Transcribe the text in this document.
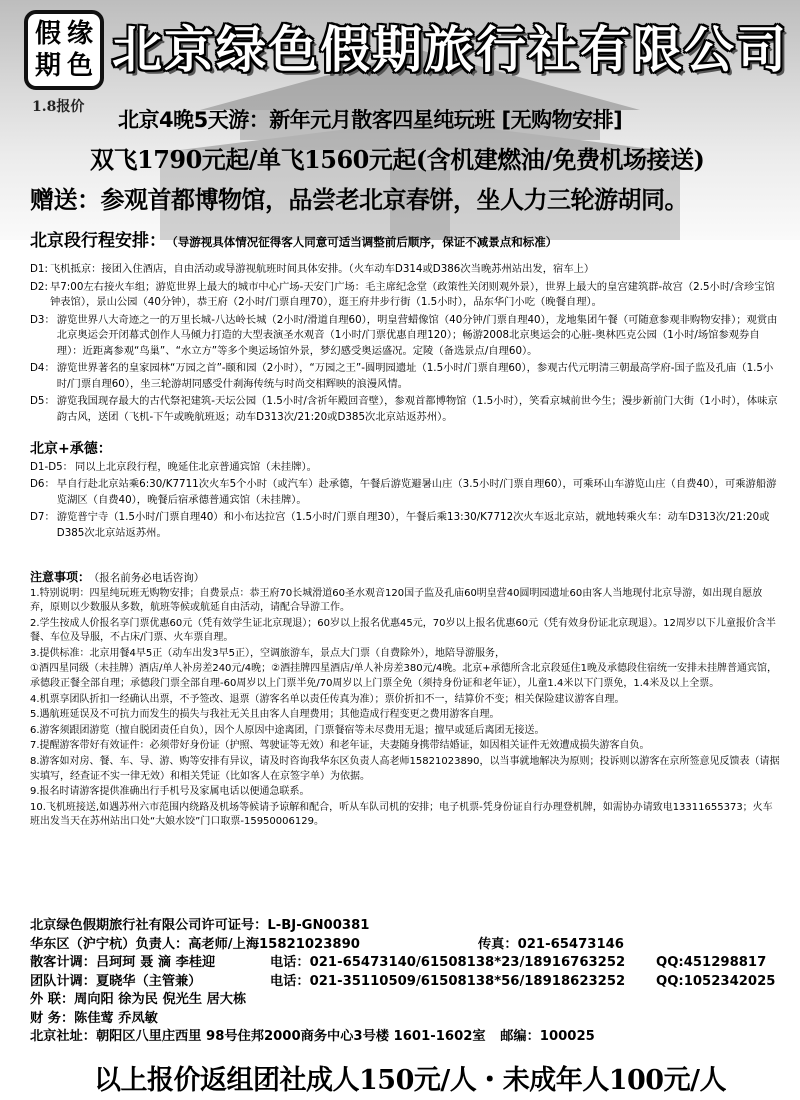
假 缘
期 色
1.8报价
北京绿色假期旅行社有限公司
北京4晚5天游：新年元月散客四星纯玩班 [无购物安排]
双飞1790元起/单飞1560元起(含机建燃油/免费机场接送)
赠送：参观首都博物馆，品尝老北京春饼，坐人力三轮游胡同。
北京段行程安排： （导游视具体情况征得客人同意可适当调整前后顺序，保证不减景点和标准）
D1: 飞机抵京：接团入住酒店，自由活动或导游视航班时间具体安排。（火车动车D314或D386次当晚苏州站出发，宿车上）
D2: 早7:00左右接火车组；游览世界上最大的城市中心广场-天安门广场：毛主席纪念堂（政策性关闭则观外景），世界上最大的皇宫建筑群-故宫（2.5小时/含珍宝馆钟表馆），景山公园（40分钟），恭王府（2小时/门票自理70），逛王府井步行街（1.5小时），品东华门小吃（晚餐自理）。
D3： 游览世界八大奇迹之一的万里长城-八达岭长城（2小时/滑道自理60），明皇营蜡像馆（40分钟/门票自理40），龙地集团午餐（可随意参观非购物安排）；观赏由北京奥运会开闭幕式创作人马倾力打造的大型表演圣水观音（1小时/门票优惠自理120）；畅游2008北京奥运会的心脏-奥林匹克公园（1小时/场馆参观券自理）：近距离参观“鸟巢”、“水立方”等多个奥运场馆外景，梦幻感受奥运盛况。定陵（备选景点/自理60）。
D4： 游览世界著名的皇家园林“万园之首”-颐和园（2小时），“万园之王”-圆明园遗址（1.5小时/门票自理60），参观古代元明清三朝最高学府-国子监及孔庙（1.5小时/门票自理60），坐三轮游胡同感受什刹海传统与时尚交相辉映的浪漫风情。
D5： 游览我国现存最大的古代祭祀建筑-天坛公园（1.5小时/含祈年殿回音壁），参观首都博物馆（1.5小时），笑看京城前世今生；漫步新前门大街（1小时），体味京韵古风，送团（飞机-下午或晚航班返；动车D313次/21:20或D385次北京站返苏州）。
北京+承德：
D1-D5： 同以上北京段行程，晚延住北京普通宾馆（未挂牌）。
D6： 早自行赴北京站乘6:30/K7711次火车5个小时（或汽车）赴承德，午餐后游览避暑山庄（3.5小时/门票自理60），可乘环山车游览山庄（自费40），可乘游船游览湖区（自费40），晚餐后宿承德普通宾馆（未挂牌）。
D7： 游览普宁寺（1.5小时/门票自理40）和小布达拉宫（1.5小时/门票自理30），午餐后乘13:30/K7712次火车返北京站，就地转乘火车：动车D313次/21:20或D385次北京站返苏州。
注意事项： （报名前务必电话咨询）
1.特别说明：四星纯玩班无购物安排；自费景点：恭王府70长城滑道60圣水观音120国子监及孔庙60明皇营40圆明园遗址60由客人当地现付北京导游，如出现自愿放弃，原则以少数服从多数，航班等候或航延自由活动，请配合导游工作。
2.学生按成人价报名享门票优惠60元（凭有效学生证北京现退）；60岁以上报名优惠45元，70岁以上报名优惠60元（凭有效身份证北京现退）。12周岁以下儿童报价含半餐、车位及导服，不占床/门票、火车票自理。
3.提供标准：北京用餐4早5正（动车出发3早5正），空调旅游车，景点大门票（自费除外），地陪导游服务，
①酒四星同级（未挂牌）酒店/单人补房差240元/4晚；②酒挂牌四星酒店/单人补房差380元/4晚。北京+承德所含北京段延住1晚及承德段住宿统一安排未挂牌普通宾馆，承德段正餐全部自理；承德段门票全部自理-60周岁以上门票半免/70周岁以上门票全免（须持身份证和老年证），儿童1.4米以下门票免，1.4米及以上全票。
4.机票享团队折扣一经确认出票，不予签改、退票（游客名单以责任传真为准）；票价折扣不一，结算价不变；相关保险建议游客自理。
5.遇航班延误及不可抗力而发生的损失与我社无关且由客人自理费用；其他造成行程变更之费用游客自理。
6.游客须跟团游览（擅自脱团责任自负），因个人原因中途离团，门票餐宿等未尽费用无退；擅早或延后离团无接送。
7.提醒游客带好有效证件：必须带好身份证（护照、驾驶证等无效）和老年证，夫妻随身携带结婚证，如因相关证件无效遭成损失游客自负。
8.游客如对房、餐、车、导、游、购等安排有异议，请及时咨询我华东区负责人高老师15821023890，以当事就地解决为原则；投诉则以游客在京所签意见反馈表（请据实填写，经查证不实一律无效）和相关凭证（比如客人在京签字单）为依据。
9.报名时请游客提供准确出行手机号及家属电话以便通急联系。
10.飞机班接送,如遇苏州六市范围内绕路及机场等候请予谅解和配合，听从车队司机的安排；电子机票-凭身份证自行办理登机牌，如需协办请致电13311655373；火车班出发当天在苏州站出口处“大娘水饺”门口取票-15950006129。
北京绿色假期旅行社有限公司许可证号：L-BJ-GN00381
华东区（沪宁杭）负责人：高老师/上海15821023890	传真：021-65473146
散客计调：吕珂珂 聂 滴 李桂迎	电话：021-65473140/61508138*23/18916763252 QQ:451298817
团队计调：夏晓华（主管兼）	电话：021-35110509/61508138*56/18918623252 QQ:1052342025
外 联：周向阳 徐为民 倪光生 居大栋
财 务：陈佳莺 乔凤敏
北京社址：朝阳区八里庄西里 98号住邦2000商务中心3号楼 1601-1602室 邮编：100025
以上报价返组团社成人150元/人・未成年人100元/人
